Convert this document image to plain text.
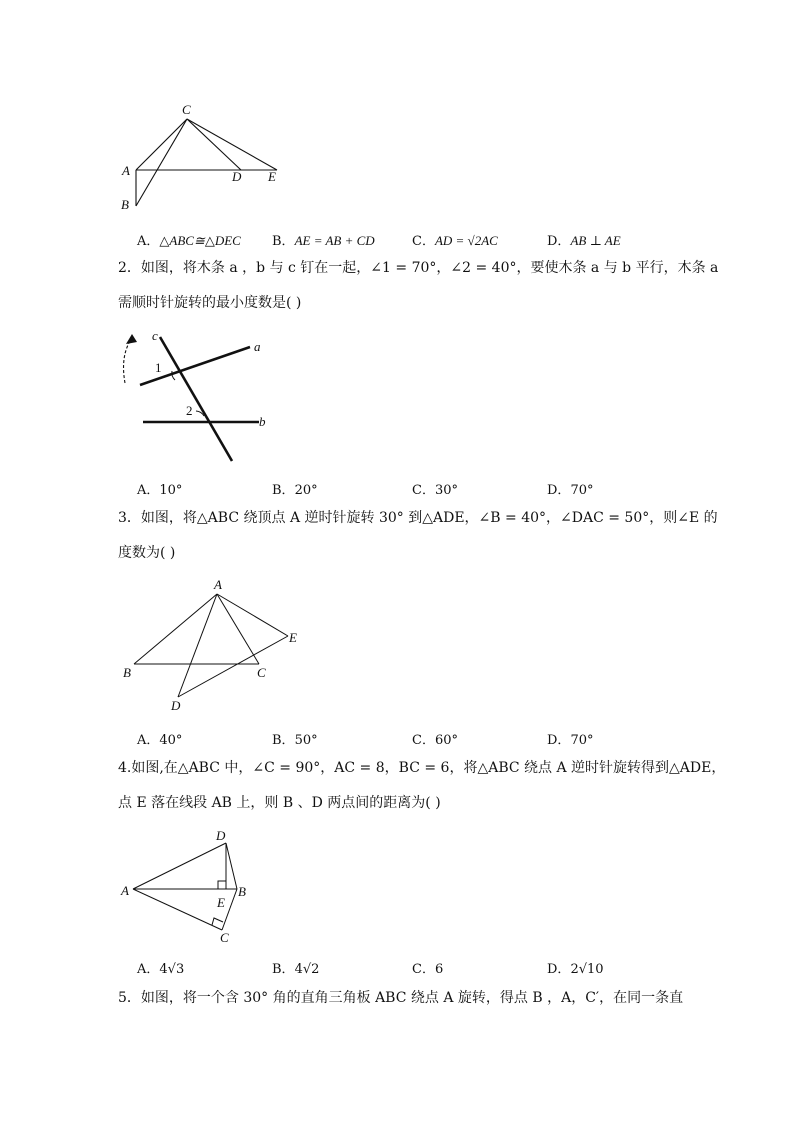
C
A
B
D E
A．△ABC≅△DEC B．AE = AB + CD	C．AD = √2AC	D．AB ⊥ AE
2．如图，将木条 a ，b 与 c 钉在一起，∠1 = 70°，∠2 = 40°，要使木条 a 与 b 平行，木条 a
需顺时针旋转的最小度数是( )
c
a
b
1
2
A．10°	B．20°	C．30°	D．70°
3．如图，将△ABC 绕顶点 A 逆时针旋转 30° 到△ADE，∠B = 40°，∠DAC = 50°，则∠E 的
度数为( )
A
B	C
D
E
A．40°	B．50°	C．60°	D．70°
4.如图,在△ABC 中，∠C = 90°，AC = 8，BC = 6，将△ABC 绕点 A 逆时针旋转得到△ADE，
点 E 落在线段 AB 上，则 B 、D 两点间的距离为( )
D
A	B
E
C
A．4√3	B．4√2	C．6	D．2√10
5．如图，将一个含 30° 角的直角三角板 ABC 绕点 A 旋转，得点 B ，A，C′，在同一条直
